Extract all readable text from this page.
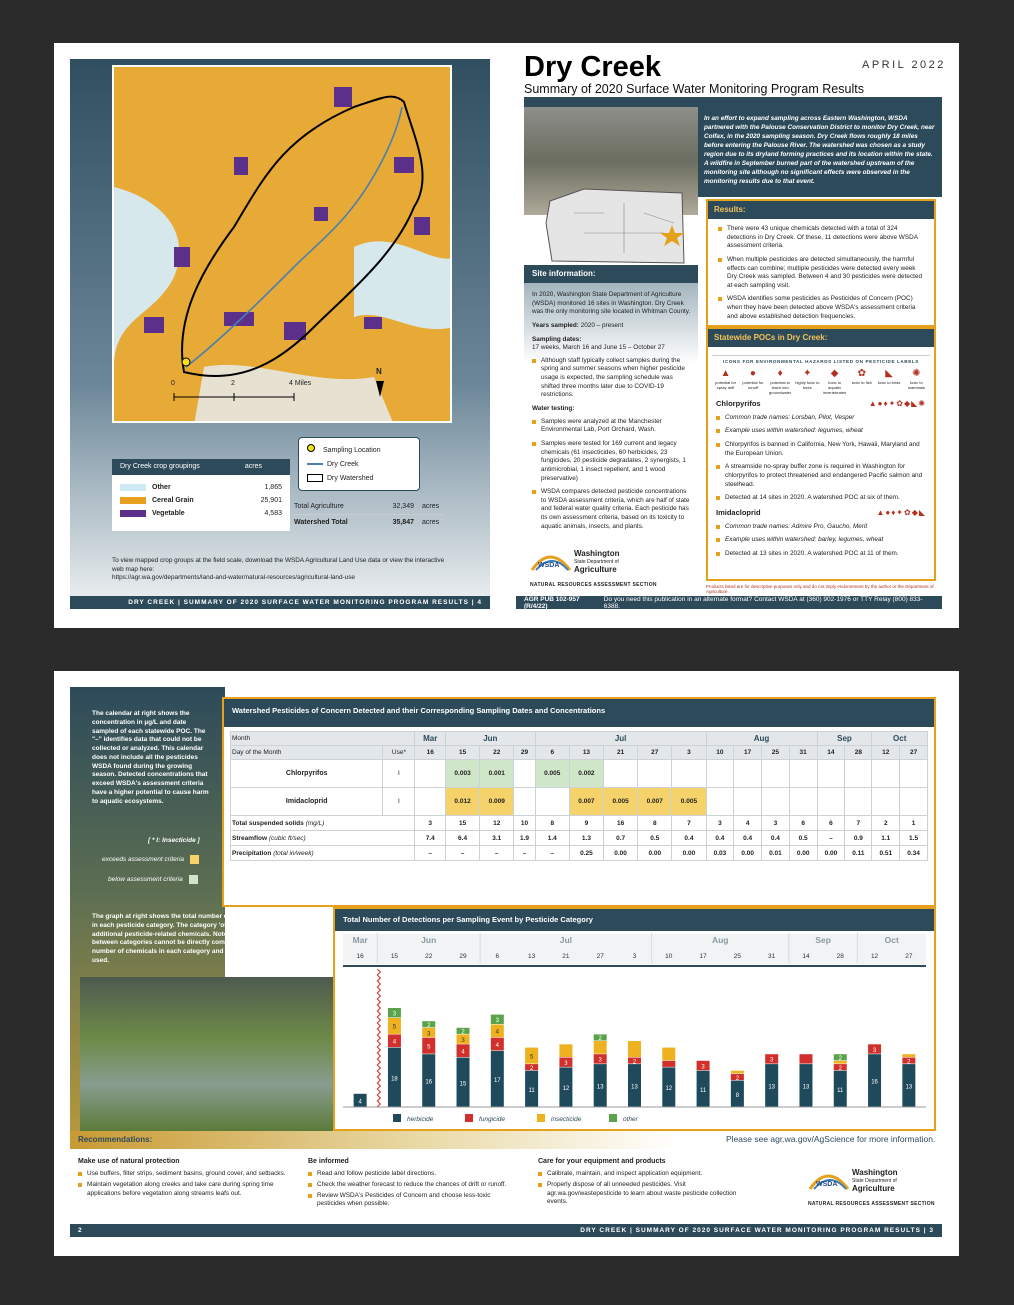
0	2	4 Miles
N
Sampling Location
Dry Creek
Dry Watershed
Dry Creek crop groupings	acres
Other	1,865
Cereal Grain	25,901
Vegetable	4,583
Total Agriculture	32,349 acres
Watershed Total	35,847 acres
To view mapped crop groups at the field scale, download the WSDA Agricultural Land Use data or view the interactive web map here:
https://agr.wa.gov/departments/land-and-water/natural-resources/agricultural-land-use
DRY CREEK | SUMMARY OF 2020 SURFACE WATER MONITORING PROGRAM RESULTS | 4
Dry Creek	APRIL 2022
Summary of 2020 Surface Water Monitoring Program Results
In an effort to expand sampling across Eastern Washington, WSDA partnered with the Palouse Conservation District to monitor Dry Creek, near Colfax, in the 2020 sampling season. Dry Creek flows roughly 18 miles before entering the Palouse River. The watershed was chosen as a study region due to its dryland forming practices and its location within the state. A wildfire in September burned part of the watershed upstream of the monitoring site although no significant effects were observed in the monitoring results due to that event.
Site information:

In 2020, Washington State Department of Agriculture (WSDA) monitored 16 sites in Washington. Dry Creek was the only monitoring site located in Whitman County.

Years sampled: 2020 – present

Sampling dates:

17 weeks, March 16 and June 15 – October 27

Although staff typically collect samples during the spring and summer seasons when higher pesticide usage is expected, the sampling schedule was shifted three months later due to COVID-19 restrictions.

Water testing:

Samples were analyzed at the Manchester Environmental Lab, Port Orchard, Wash.
Samples were tested for 169 current and legacy chemicals (61 insecticides, 60 herbicides, 23 fungicides, 20 pesticide degradates, 2 synergists, 1 antimicrobial, 1 insect repellent, and 1 wood preservative)
WSDA compares detected pesticide concentrations to WSDA assessment criteria, which are half of state and federal water quality criteria. Each pesticide has its own assessment criteria, based on its toxicity to aquatic animals, insects, and plants.
WSDA
Washington
State Department of
Agriculture
NATURAL RESOURCES ASSESSMENT SECTION
Results:
There were 43 unique chemicals detected with a total of 324 detections in Dry Creek. Of these, 11 detections were above WSDA assessment criteria.
When multiple pesticides are detected simultaneously, the harmful effects can combine; multiple pesticides were detected every week Dry Creek was sampled. Between 4 and 30 pesticides were detected at each sampling visit.
WSDA identifies some pesticides as Pesticides of Concern (POC) when they have been detected above WSDA's assessment criteria and above established detection frequencies.
Statewide POCs in Dry Creek:
ICONS FOR ENVIRONMENTAL HAZARDS LISTED ON PESTICIDE LABELS
▲
potential for spray drift
●
potential for runoff
♦
potential to leach into groundwater
✦
highly toxic to bees
◆
toxic to aquatic invertebrates
✿
toxic to fish
◣
toxic to birds
✺
toxic to mammals
Chlorpyrifos	▲●♦✦✿◆◣✺
Common trade names: Lorsban, Pilot, Vesper
Example uses within watershed: legumes, wheat
Chlorpyrifos is banned in California, New York, Hawaii, Maryland and the European Union.
A streamside no-spray buffer zone is required in Washington for chlorpyrifos to protect threatened and endangered Pacific salmon and steelhead.
Detected at 14 sites in 2020. A watershed POC at six of them.
Imidacloprid	▲●♦✦✿◆◣
Common trade names: Admire Pro, Gaucho, Merit
Example uses within watershed: barley, legumes, wheat
Detected at 13 sites in 2020. A watershed POC at 11 of them.
Products listed are for descriptive purposes only and do not imply endorsement by the author or the Department of Agriculture.
AGR PUB 102-957 (R/4/22)
Do you need this publication in an alternate format? Contact WSDA at (360) 902-1976 or TTY Relay (800) 833-6388.
The calendar at right shows the concentration in µg/L and date sampled of each statewide POC. The "–" identifies data that could not be collected or analyzed. This calendar does not include all the pesticides WSDA found during the growing season. Detected concentrations that exceed WSDA's assessment criteria have a higher potential to cause harm to aquatic ecosystems.
[ * I: Insecticide ]
exceeds assessment criteria
below assessment criteria
Watershed Pesticides of Concern Detected and their Corresponding Sampling Dates and Concentrations
Month		Mar	Jun			Jul					Aug				Sep		Oct	
Day of the Month	Use*	16	15	22	29	6	13	21	27	3	10	17	25	31	14	28	12	27
Chlorpyrifos	I		0.003	0.001		0.005	0.002											
Imidacloprid	I		0.012	0.009			0.007	0.005	0.007	0.005								
Total suspended solids (mg/L)		3	15	12	10	8	9	16	8	7	3	4	3	6	6	7	2	1
Streamflow (cubic ft/sec)		7.4	6.4	3.1	1.9	1.4	1.3	0.7	0.5	0.4	0.4	0.4	0.4	0.5	–	0.9	1.1	1.5
Precipitation (total in/week)		–	–	–	–	–	0.25	0.00	0.00	0.00	0.03	0.00	0.01	0.00	0.00	0.11	0.51	0.34
The graph at right shows the total number of detections per sampling visit in each pesticide category. The category 'other' includes degradates and additional pesticide-related chemicals. Note that the number of detections between categories cannot be directly compared due to the different number of chemicals in each category and variability in analysis methods used.
Total Number of Detections per Sampling Event by Pesticide Category
16	15	22	29	6	13	21	27	3	10	17	25	31	14	28	12	27
4
18
4
5
3
16
5
3
2
15
4
3
2
17
4
4
3
11
2
5
12
3
13
3
2
13
2
12	11
3
8
2
13
3
13
11
2
2
16
3
13
2
herbicide	fungicide	insecticide	other
Recommendations:	Please see agr.wa.gov/AgScience for more information.
Make use of natural protection
Use buffers, filter strips, sediment basins, ground cover, and setbacks.
Maintain vegetation along creeks and take care during spring time applications before vegetation along streams leafs out.
Be informed
Read and follow pesticide label directions.
Check the weather forecast to reduce the chances of drift or runoff.
Review WSDA's Pesticides of Concern and choose less-toxic pesticides when possible.
Care for your equipment and products
Calibrate, maintain, and inspect application equipment.
Properly dispose of all unneeded pesticides. Visit agr.wa.gov/wastepesticide to learn about waste pesticide collection events.
WSDA
Washington
State Department of
Agriculture
NATURAL RESOURCES ASSESSMENT SECTION
2	DRY CREEK | SUMMARY OF 2020 SURFACE WATER MONITORING PROGRAM RESULTS | 3
